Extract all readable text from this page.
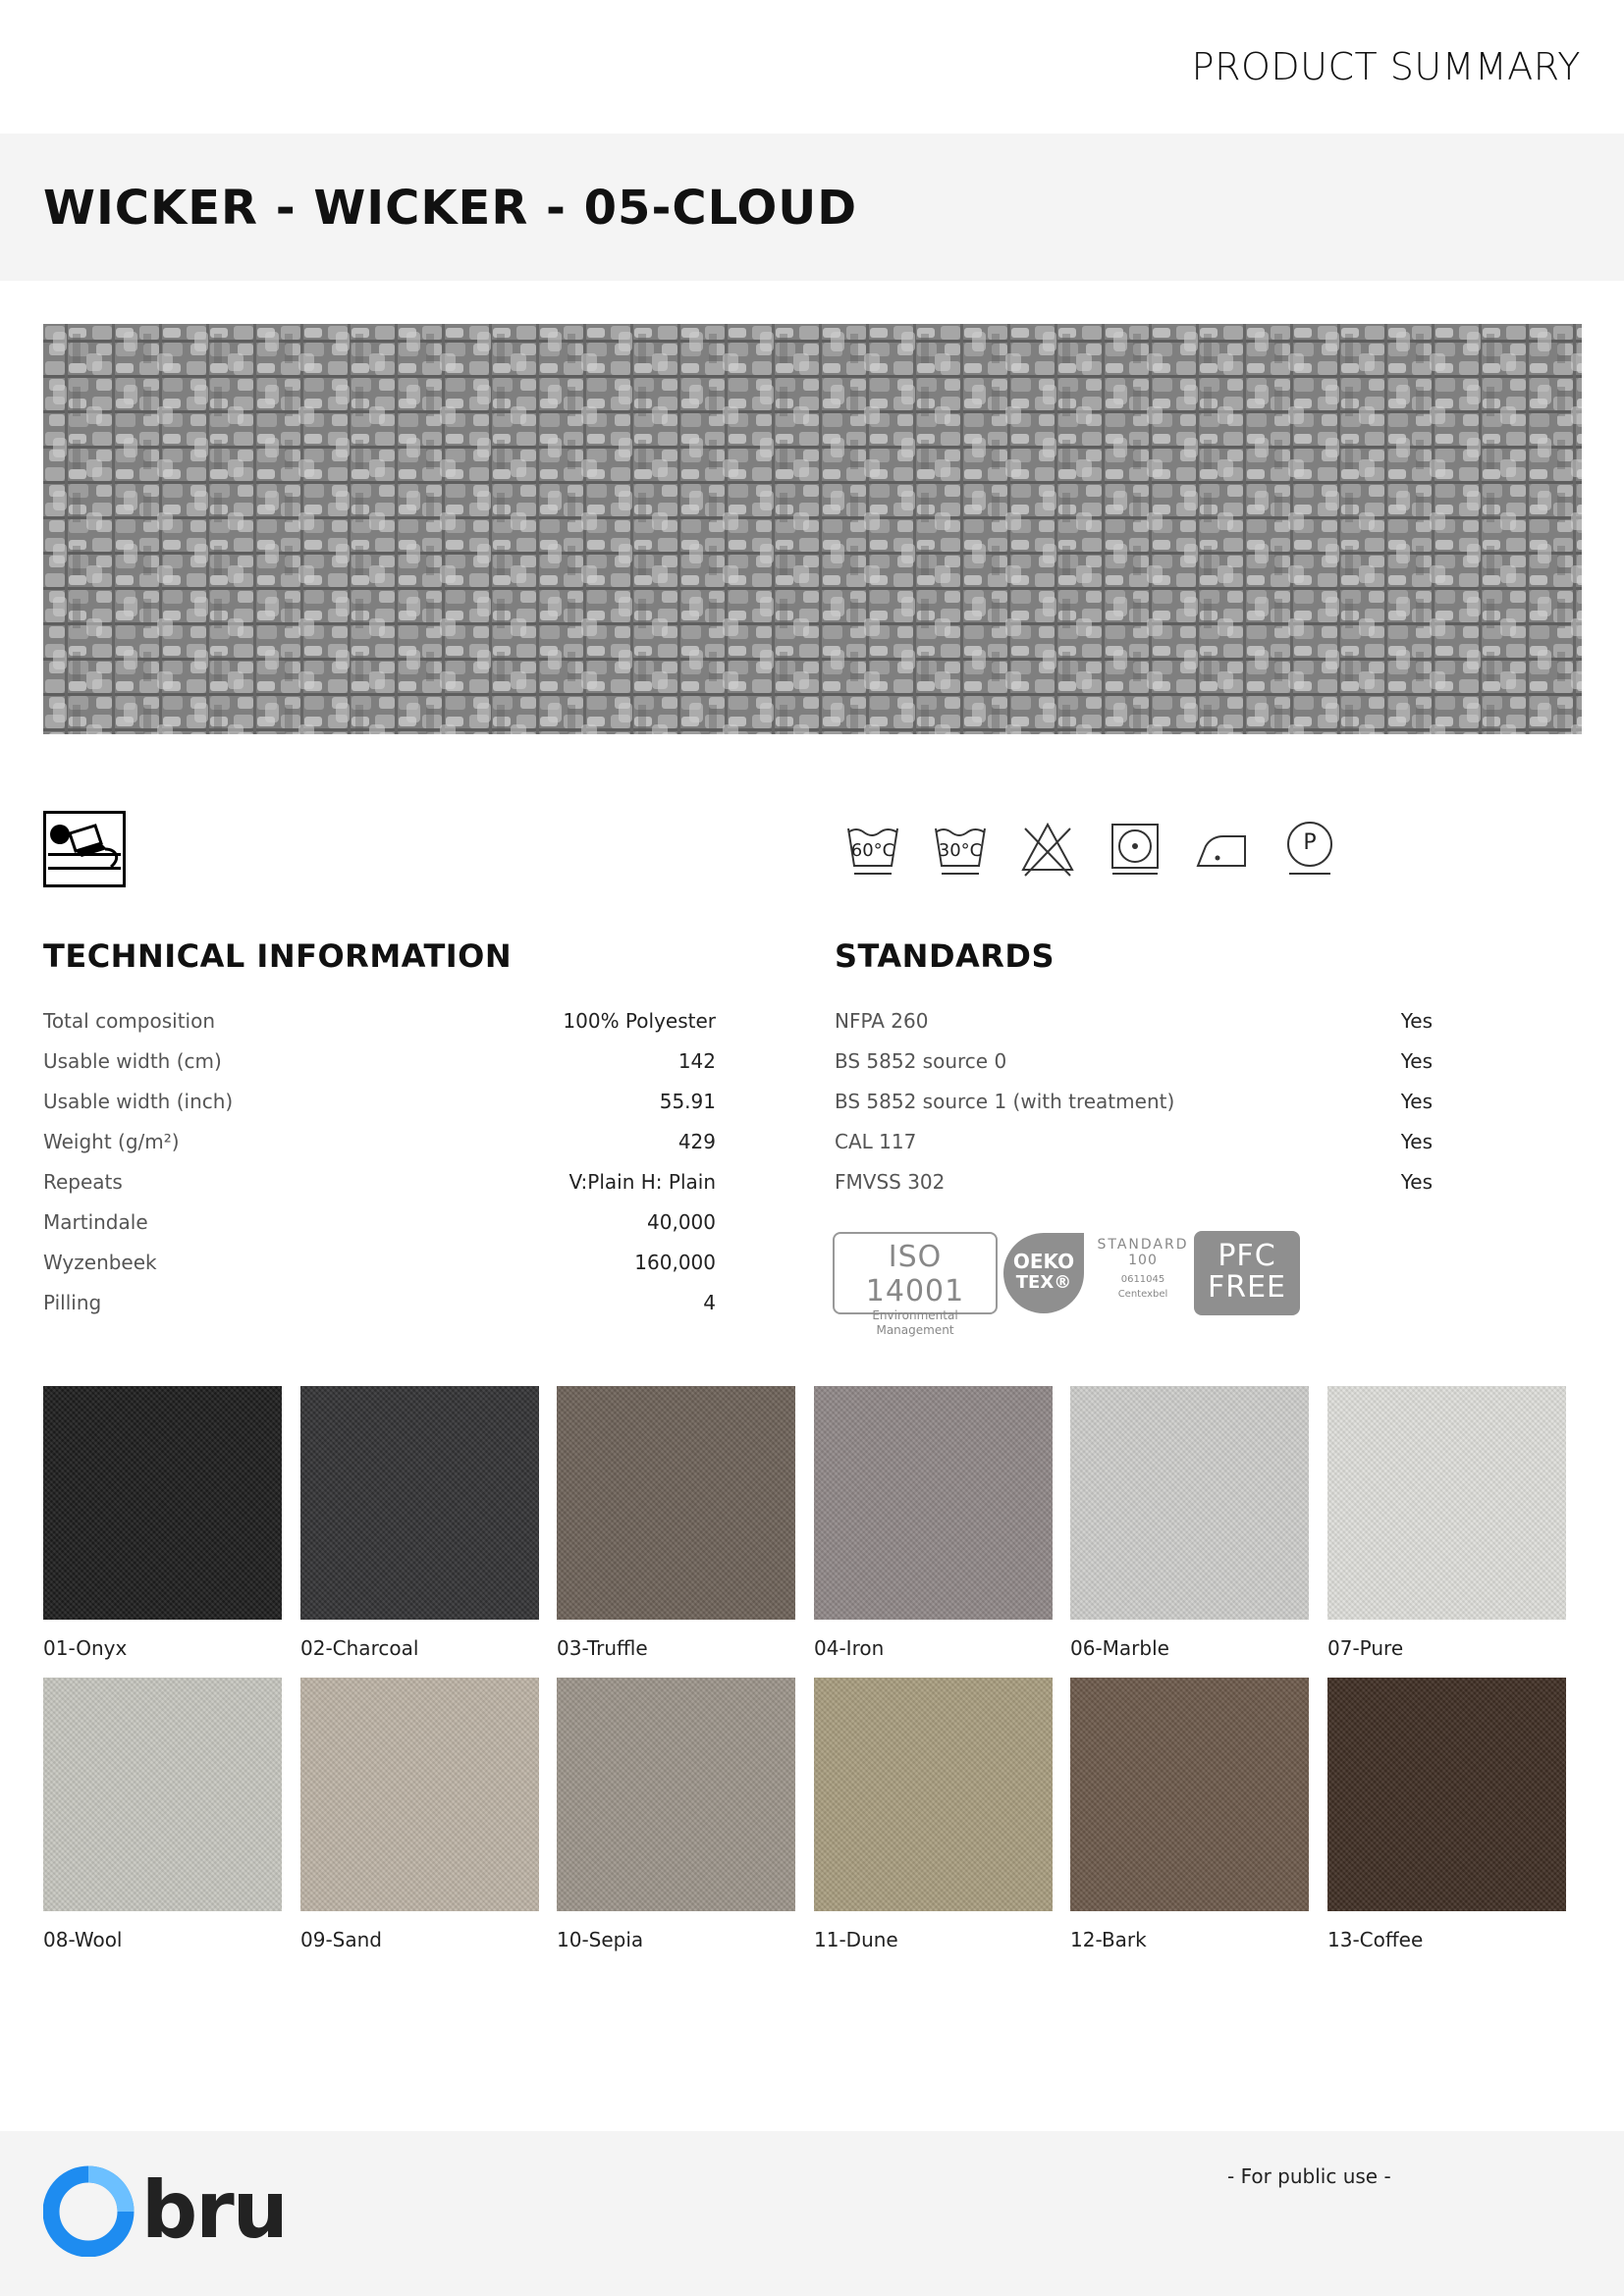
PRODUCT SUMMARY
WICKER - WICKER - 05-CLOUD
60°C	30°C	P
TECHNICAL INFORMATION	STANDARDS
Total composition	100% Polyester
Usable width (cm)	142
Usable width (inch)	55.91
Weight (g/m²)	429
Repeats	V:Plain H: Plain
Martindale	40,000
Wyzenbeek	160,000
Pilling	4
NFPA 260	Yes
BS 5852 source 0	Yes
BS 5852 source 1 (with treatment)	Yes
CAL 117	Yes
FMVSS 302	Yes
ISO 14001
Environmental
Management
OEKO
TEX®
STANDARD
100
0611045
Centexbel
PFC
FREE
01-Onyx	02-Charcoal	03-Truffle	04-Iron	06-Marble	07-Pure
08-Wool	09-Sand	10-Sepia	11-Dune	12-Bark	13-Coffee
bru	- For public use -
